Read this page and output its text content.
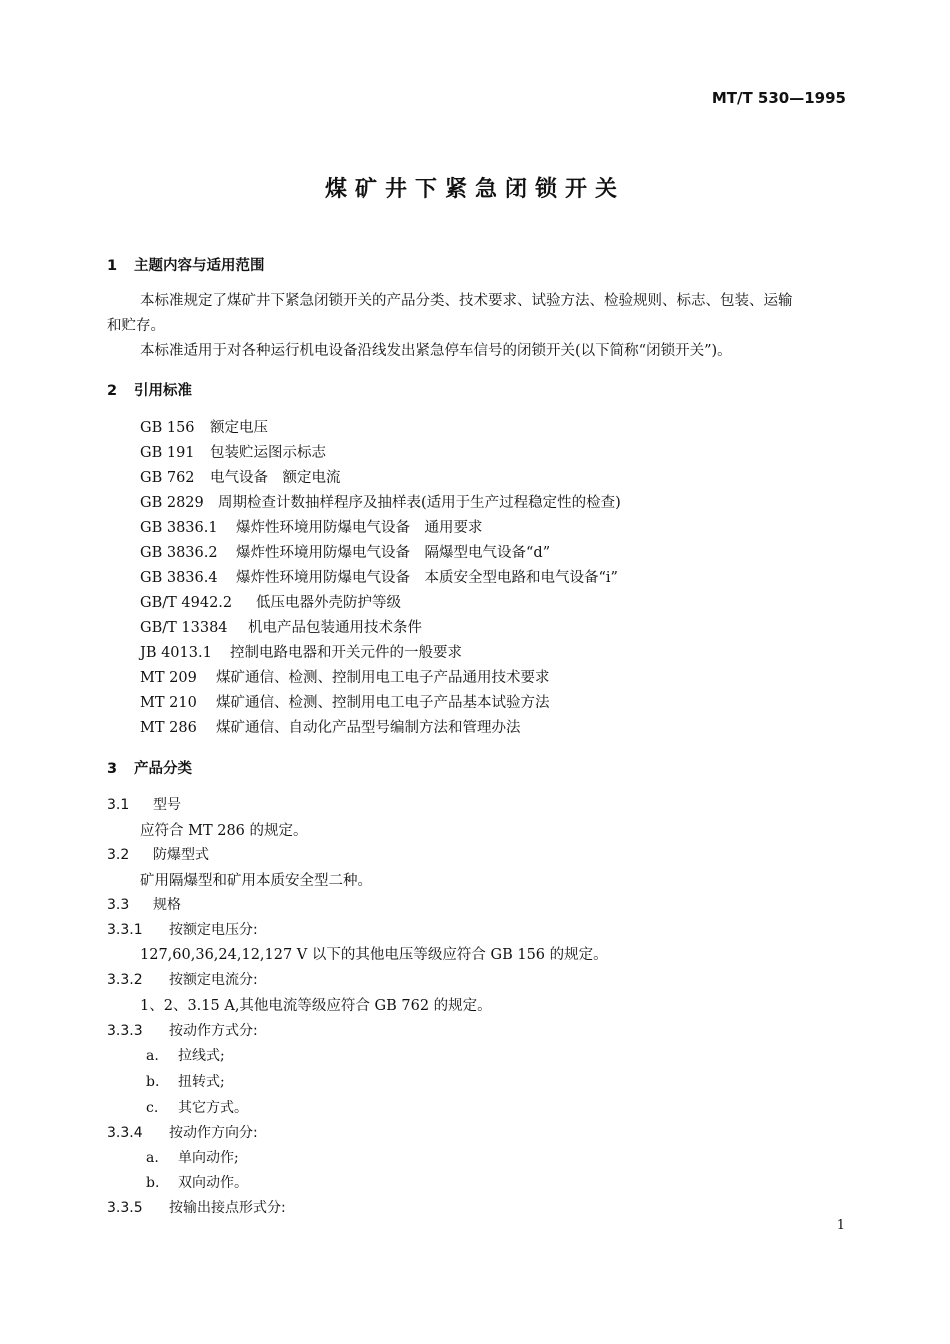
MT/T 530—1995
煤矿井下紧急闭锁开关
1 主题内容与适用范围
本标准规定了煤矿井下紧急闭锁开关的产品分类、技术要求、试验方法、检验规则、标志、包装、运输
和贮存。
本标准适用于对各种运行机电设备沿线发出紧急停车信号的闭锁开关(以下简称“闭锁开关”)。
2 引用标准
GB 156 额定电压
GB 191 包装贮运图示标志
GB 762 电气设备　额定电流
GB 2829 周期检查计数抽样程序及抽样表(适用于生产过程稳定性的检查)
GB 3836.1 爆炸性环境用防爆电气设备　通用要求
GB 3836.2 爆炸性环境用防爆电气设备　隔爆型电气设备“d”
GB 3836.4 爆炸性环境用防爆电气设备　本质安全型电路和电气设备“i”
GB/T 4942.2 低压电器外壳防护等级
GB/T 13384 机电产品包装通用技术条件
JB 4013.1 控制电路电器和开关元件的一般要求
MT 209 煤矿通信、检测、控制用电工电子产品通用技术要求
MT 210 煤矿通信、检测、控制用电工电子产品基本试验方法
MT 286 煤矿通信、自动化产品型号编制方法和管理办法
3 产品分类
3.1 型号
应符合 MT 286 的规定。
3.2 防爆型式
矿用隔爆型和矿用本质安全型二种。
3.3 规格
3.3.1 按额定电压分:
127,60,36,24,12,127 V 以下的其他电压等级应符合 GB 156 的规定。
3.3.2 按额定电流分:
1、2、3.15 A,其他电流等级应符合 GB 762 的规定。
3.3.3 按动作方式分:
a. 拉线式;
b. 扭转式;
c. 其它方式。
3.3.4 按动作方向分:
a. 单向动作;
b. 双向动作。
3.3.5 按输出接点形式分:
1
